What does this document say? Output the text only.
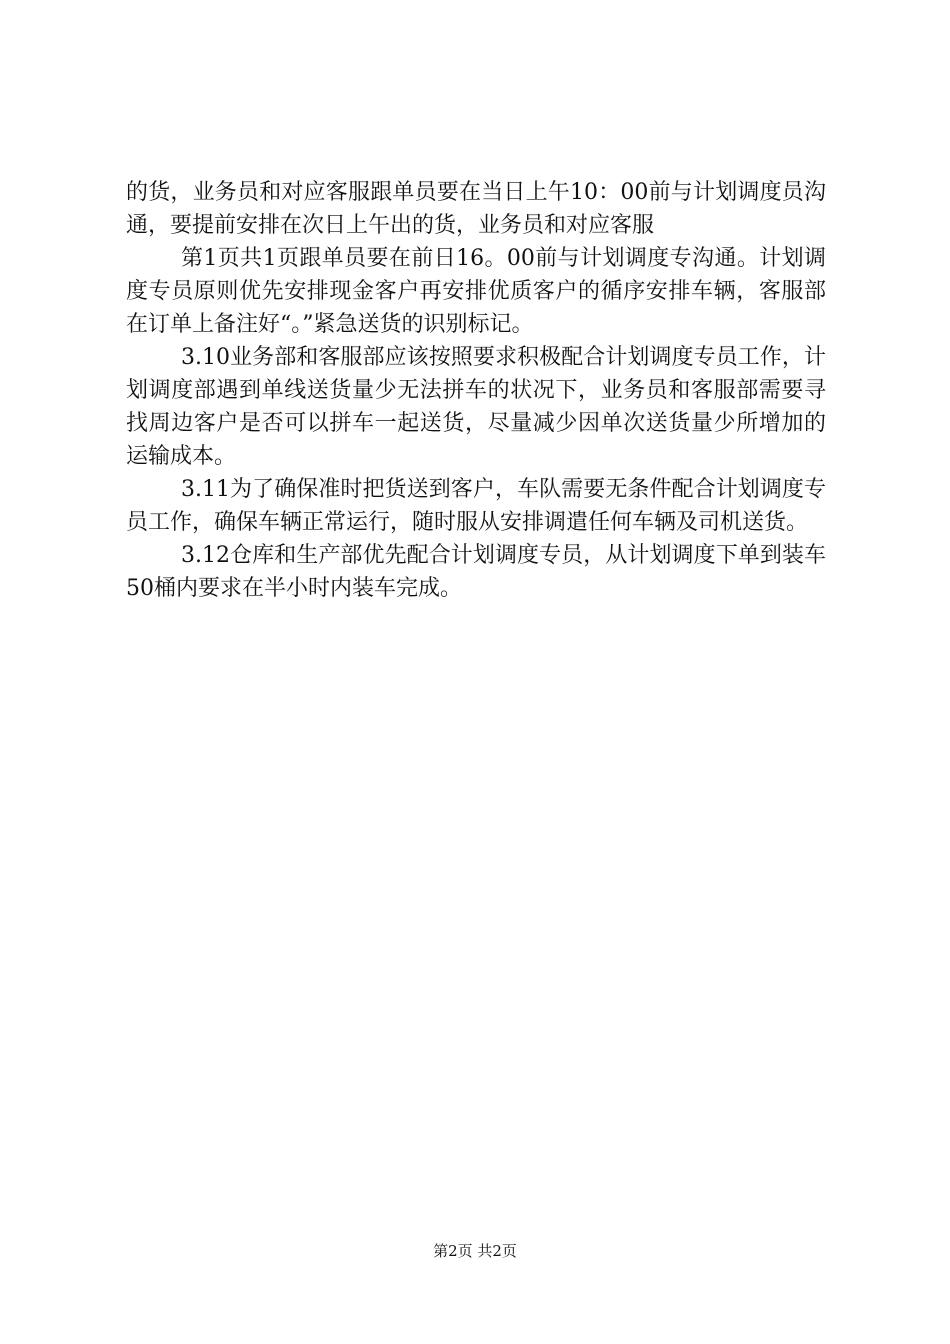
的货，业务员和对应客服跟单员要在当日上午10：00前与计划调度员沟通，要提前安排在次日上午出的货，业务员和对应客服

第1页共1页跟单员要在前日16。00前与计划调度专沟通。计划调度专员原则优先安排现金客户再安排优质客户的循序安排车辆，客服部在订单上备注好“。”紧急送货的识别标记。

3.10业务部和客服部应该按照要求积极配合计划调度专员工作，计划调度部遇到单线送货量少无法拼车的状况下，业务员和客服部需要寻找周边客户是否可以拼车一起送货，尽量减少因单次送货量少所增加的运输成本。

3.11为了确保准时把货送到客户，车队需要无条件配合计划调度专员工作，确保车辆正常运行，随时服从安排调遣任何车辆及司机送货。

3.12仓库和生产部优先配合计划调度专员，从计划调度下单到装车50桶内要求在半小时内装车完成。

第2页 共2页
